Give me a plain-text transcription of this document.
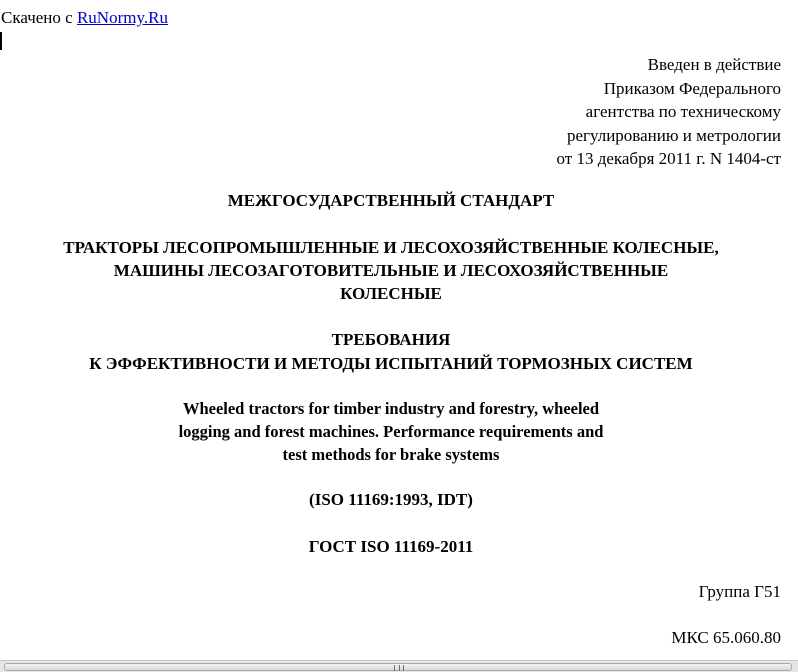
Скачено с RuNormy.Ru
Введен в действие
Приказом Федерального
агентства по техническому
регулированию и метрологии
от 13 декабря 2011 г. N 1404-ст
МЕЖГОСУДАРСТВЕННЫЙ СТАНДАРТ
ТРАКТОРЫ ЛЕСОПРОМЫШЛЕННЫЕ И ЛЕСОХОЗЯЙСТВЕННЫЕ КОЛЕСНЫЕ,
МАШИНЫ ЛЕСОЗАГОТОВИТЕЛЬНЫЕ И ЛЕСОХОЗЯЙСТВЕННЫЕ
КОЛЕСНЫЕ
ТРЕБОВАНИЯ
К ЭФФЕКТИВНОСТИ И МЕТОДЫ ИСПЫТАНИЙ ТОРМОЗНЫХ СИСТЕМ
Wheeled tractors for timber industry and forestry, wheeled
logging and forest machines. Performance requirements and
test methods for brake systems
(ISO 11169:1993, IDT)
ГОСТ ISO 11169-2011
Группа Г51
МКС 65.060.80
